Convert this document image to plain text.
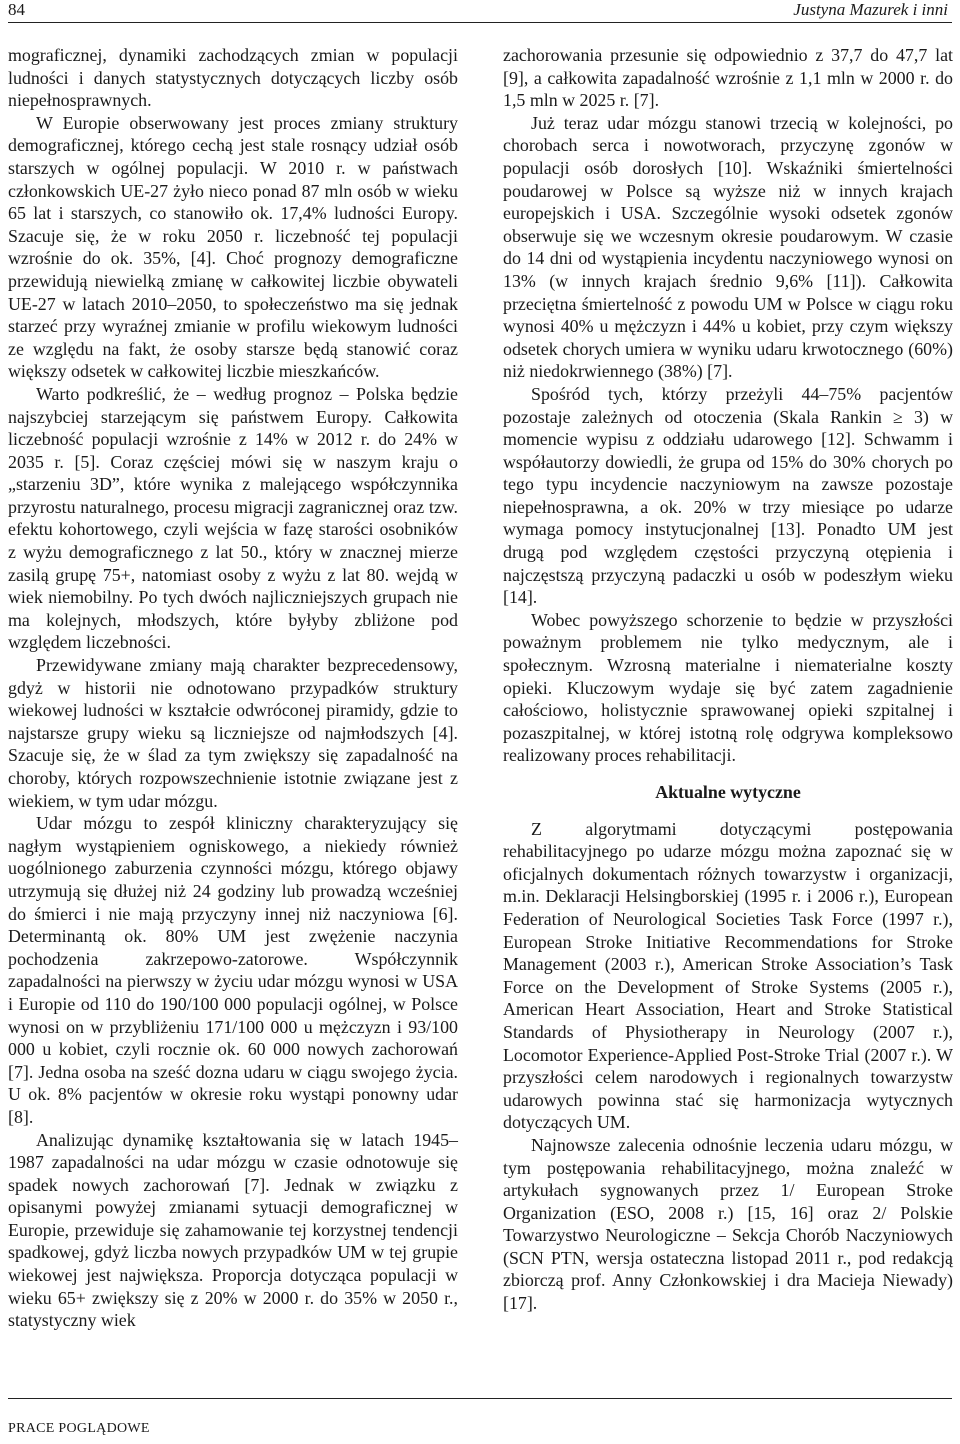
84	Justyna Mazurek i inni

mograficznej, dynamiki zachodzących zmian w populacji ludności i danych statystycznych dotyczących liczby osób niepełnosprawnych.

W Europie obserwowany jest proces zmiany struktury demograficznej, którego cechą jest stale rosnący udział osób starszych w ogólnej populacji. W 2010 r. w państwach członkowskich UE-27 żyło nieco ponad 87 mln osób w wieku 65 lat i starszych, co stanowiło ok. 17,4% ludności Europy. Szacuje się, że w roku 2050 r. liczebność tej populacji wzrośnie do ok. 35%, [4]. Choć prognozy demograficzne przewidują niewielką zmianę w całkowitej liczbie obywateli UE-27 w latach 2010–2050, to społeczeństwo ma się jednak starzeć przy wyraźnej zmianie w profilu wiekowym ludności ze względu na fakt, że osoby starsze będą stanowić coraz większy odsetek w całkowitej liczbie mieszkańców.

Warto podkreślić, że – według prognoz – Polska będzie najszybciej starzejącym się państwem Europy. Całkowita liczebność populacji wzrośnie z 14% w 2012 r. do 24% w 2035 r. [5]. Coraz częściej mówi się w naszym kraju o „starzeniu 3D”, które wynika z malejącego współczynnika przyrostu naturalnego, procesu migracji zagranicznej oraz tzw. efektu kohortowego, czyli wejścia w fazę starości osobników z wyżu demograficznego z lat 50., który w znacznej mierze zasilą grupę 75+, natomiast osoby z wyżu z lat 80. wejdą w wiek niemobilny. Po tych dwóch najliczniejszych grupach nie ma kolejnych, młodszych, które byłyby zbliżone pod względem liczebności.

Przewidywane zmiany mają charakter bezprecedensowy, gdyż w historii nie odnotowano przypadków struktury wiekowej ludności w kształcie odwróconej piramidy, gdzie to najstarsze grupy wieku są liczniejsze od najmłodszych [4]. Szacuje się, że w ślad za tym zwiększy się zapadalność na choroby, których rozpowszechnienie istotnie związane jest z wiekiem, w tym udar mózgu.

Udar mózgu to zespół kliniczny charakteryzujący się nagłym wystąpieniem ogniskowego, a niekiedy również uogólnionego zaburzenia czynności mózgu, którego objawy utrzymują się dłużej niż 24 godziny lub prowadzą wcześniej do śmierci i nie mają przyczyny innej niż naczyniowa [6]. Determinantą ok. 80% UM jest zwężenie naczynia pochodzenia zakrzepowo-zatorowe. Współczynnik zapadalności na pierwszy w życiu udar mózgu wynosi w USA i Europie od 110 do 190/100 000 populacji ogólnej, w Polsce wynosi on w przybliżeniu 171/100 000 u mężczyzn i 93/100 000 u kobiet, czyli rocznie ok. 60 000 nowych zachorowań [7]. Jedna osoba na sześć dozna udaru w ciągu swojego życia. U ok. 8% pacjentów w okresie roku wystąpi ponowny udar [8].

Analizując dynamikę kształtowania się w latach 1945–1987 zapadalności na udar mózgu w czasie odnotowuje się spadek nowych zachorowań [7]. Jednak w związku z opisanymi powyżej zmianami sytuacji demograficznej w Europie, przewiduje się zahamowanie tej korzystnej tendencji spadkowej, gdyż liczba nowych przypadków UM w tej grupie wiekowej jest największa. Proporcja dotycząca populacji w wieku 65+ zwiększy się z 20% w 2000 r. do 35% w 2050 r., statystyczny wiek

zachorowania przesunie się odpowiednio z 37,7 do 47,7 lat [9], a całkowita zapadalność wzrośnie z 1,1 mln w 2000 r. do 1,5 mln w 2025 r. [7].

Już teraz udar mózgu stanowi trzecią w kolejności, po chorobach serca i nowotworach, przyczynę zgonów w populacji osób dorosłych [10]. Wskaźniki śmiertelności poudarowej w Polsce są wyższe niż w innych krajach europejskich i USA. Szczególnie wysoki odsetek zgonów obserwuje się we wczesnym okresie poudarowym. W czasie do 14 dni od wystąpienia incydentu naczyniowego wynosi on 13% (w innych krajach średnio 9,6% [11]). Całkowita przeciętna śmiertelność z powodu UM w Polsce w ciągu roku wynosi 40% u mężczyzn i 44% u kobiet, przy czym większy odsetek chorych umiera w wyniku udaru krwotocznego (60%) niż niedokrwiennego (38%) [7].

Spośród tych, którzy przeżyli 44–75% pacjentów pozostaje zależnych od otoczenia (Skala Rankin ≥ 3) w momencie wypisu z oddziału udarowego [12]. Schwamm i współautorzy dowiedli, że grupa od 15% do 30% chorych po tego typu incydencie naczyniowym na zawsze pozostaje niepełnosprawna, a ok. 20% w trzy miesiące po udarze wymaga pomocy instytucjonalnej [13]. Ponadto UM jest drugą pod względem częstości przyczyną otępienia i najczęstszą przyczyną padaczki u osób w podeszłym wieku [14].

Wobec powyższego schorzenie to będzie w przyszłości poważnym problemem nie tylko medycznym, ale i społecznym. Wzrosną materialne i niematerialne koszty opieki. Kluczowym wydaje się być zatem zagadnienie całościowo, holistycznie sprawowanej opieki szpitalnej i pozaszpitalnej, w której istotną rolę odgrywa kompleksowo realizowany proces rehabilitacji.

Aktualne wytyczne

Z algorytmami dotyczącymi postępowania rehabilitacyjnego po udarze mózgu można zapoznać się w oficjalnych dokumentach różnych towarzystw i organizacji, m.in. Deklaracji Helsingborskiej (1995 r. i 2006 r.), European Federation of Neurological Societies Task Force (1997 r.), European Stroke Initiative Recommendations for Stroke Management (2003 r.), American Stroke Association’s Task Force on the Development of Stroke Systems (2005 r.), American Heart Association, Heart and Stroke Statistical Standards of Physiotherapy in Neurology (2007 r.), Locomotor Experience-Applied Post-Stroke Trial (2007 r.). W przyszłości celem narodowych i regionalnych towarzystw udarowych powinna stać się harmonizacja wytycznych dotyczących UM.

Najnowsze zalecenia odnośnie leczenia udaru mózgu, w tym postępowania rehabilitacyjnego, można znaleźć w artykułach sygnowanych przez 1/ European Stroke Organization (ESO, 2008 r.) [15, 16] oraz 2/ Polskie Towarzystwo Neurologiczne – Sekcja Chorób Naczyniowych (SCN PTN, wersja ostateczna listopad 2011 r., pod redakcją zbiorczą prof. Anny Członkowskiej i dra Macieja Niewady) [17].

PRACE POGLĄDOWE
